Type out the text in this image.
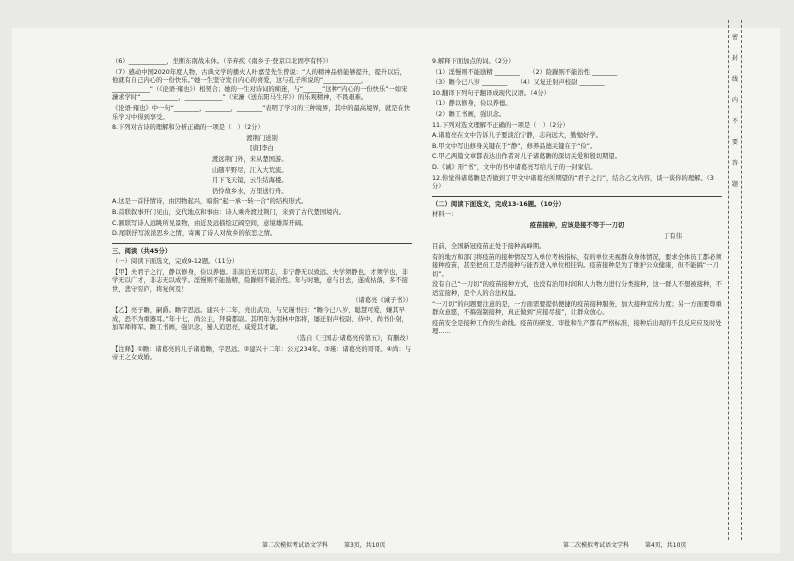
（6）____________，坐断东南战未休。（辛弃疾《南乡子·登京口北固亭有怀》）

（7）感动中国2020年度人物、古典文学的播火人叶嘉莹先生曾说：“人的精神品格能够提升，提升以后，他就有自己内心的一份快乐。”她一生坚守发自内心的喜爱，这与孔子所说的“____________，____________”（《论语·雍也》）相契合；她的一生对诗词的痴迷，与“______”这种“内心的一份快乐”一如宋濂求学时“____________，____________”（宋濂《送东阳马生序》）的乐观精神，不畏艰难。

《论语·雍也》中一句“________，________，________”表明了学习的三种境界，其中的最高境界，就是在快乐学习中得到享受。

8.下列对古诗的理解和分析正确的一项是（　）（2分）

渡荆门送别

[唐]李白

渡远荆门外，来从楚国游。

山随平野尽，江入大荒流。

月下飞天镜，云生结海楼。

仍怜故乡水，万里送行舟。

A.这是一首抒情诗，由因物起兴，暗指“起一承一转一合”的结构形式。

B.首联叙事开门见山，交代地点和事由：诗人乘舟渡过荆门，来到了古代楚国境内。

C.颔联写诗人远眺所见景物，由近及远描绘辽阔空间，意境雄浑开阔。

D.尾联抒写浓浓思乡之情，寄寓了诗人对故乡的依恋之情。

三、阅读（共45分）

（一）阅读下面选文，完成9-12题。（11分）

【甲】夫君子之行，静以修身，俭以养德。非淡泊无以明志，非宁静无以致远。夫学须静也，才须学也，非学无以广才，非志无以成学。淫慢则不能励精，险躁则不能治性。年与时驰，意与日去，遂成枯落，多不接世，悲守穷庐，将复何及！

（诸葛亮《诫子书》）

【乙】亮子瞻，嗣爵。瞻字思远。建兴十二年，亮出武功，与兄瑾书曰：“瞻今已八岁，聪慧可爱，嫌其早成，恐不为重器耳。”年十七，尚公主，拜骑都尉。其明年为羽林中郎将，屡迁射声校尉、侍中、尚书仆射，加军师将军。瞻工书画，强识念，蜀人追思亮，咸爱其才敏。

（选自《三国志·诸葛亮传第五》，有删改）

【注释】①瞻：诸葛亮的儿子诸葛瞻，字思远。②建兴十二年：公元234年。③瑾：诸葛亮的哥哥。④尚：与帝王之女成婚。

第二次模拟考试语文学科	第3页，共10页

9.解释下面加点的词。（2分）

（1）淫慢则不能励精 ________　　（2）险躁则不能治性 ________

（3）瞻今已八岁 ________　　（4）又复迁射声校尉 ________

10.翻译下列句子翻译成现代汉语。（4分）

（1）静以修身，俭以养德。

（2）瞻工书画，强识念。

11.下列对选文理解不正确的一项是（　）（2分）

A.诸葛亮在文中告诉儿子要淡泊宁静，志向远大，勤勉好学。

B.甲文中写出修身关键在于“静”，修养品德关键在于“俭”。

C.甲乙两篇文章都表达出作者对儿子诸葛瞻的深切关爱和殷切期望。

D.《诫》形“书”，文中的书中诸葛亮写给儿子的一封家信。

12.你觉得诸葛瞻是否做到了甲文中诸葛亮所期望的“君子之行”，结合乙文内容，谈一谈你的理解。（3分）

（二）阅读下面选文，完成13-16题。（10分）

材料一：

疫苗接种，应该是接不等于一刀切

丁有伟

目前，全国新冠疫苗正处于接种高峰期。

有的地方和部门将疫苗的接种情况写入单位考核指标，有的单位无视群众身体情况，要求全体员工都必须接种疫苗，甚至把员工是否接种与能否进入单位相挂钩。疫苗接种是为了维护公众健康，但不能搞“一刀切”。

没有自己“一刀切”的疫苗接种方式，也没有治用时间和人力物力进行分类接种，这一群人不想被接种，不适宜接种，是个人的合法权益。

“一刀切”的问题要注意的是，一方面需要提供便捷的疫苗接种服务，加大接种宣传力度；另一方面要尊重群众意愿，不搞强制接种，真正做到“应接尽接”，让群众放心。

疫苗安全是接种工作的生命线。疫苗的研发、审批和生产都有严格标准，接种后出现的不良反应应及时处理……

第二次模拟考试语文学科	第4页，共10页
密
封
线
内
不
要
答
题
